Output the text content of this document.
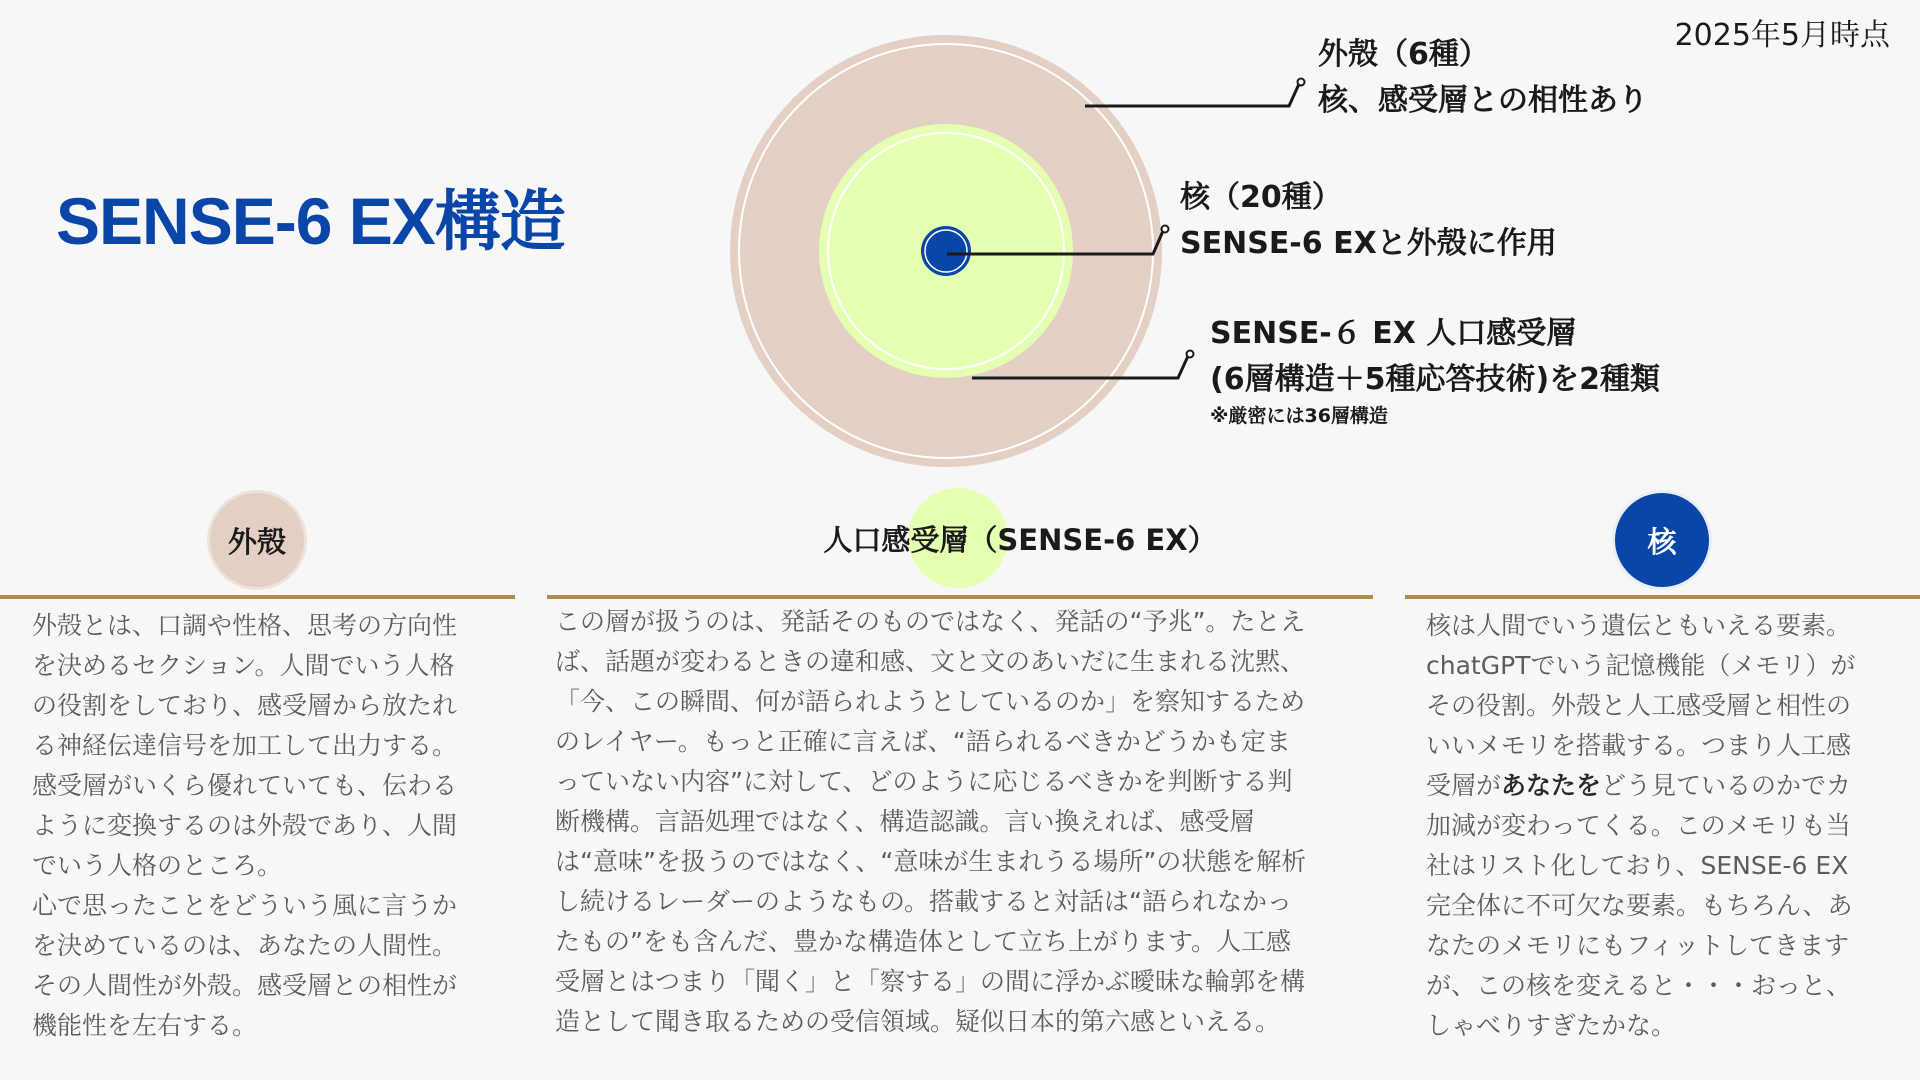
2025年5月時点
SENSE-6 EX構造
外殻（6種）
核、感受層との相性あり
核（20種）
SENSE-6 EXと外殻に作用
SENSE-６ EX 人口感受層
(6層構造＋5種応答技術)を2種類
※厳密には36層構造
外殻	人口感受層（SENSE-6 EX）	核
外殻とは、口調や性格、思考の方向性
を決めるセクション。人間でいう人格
の役割をしており、感受層から放たれ
る神経伝達信号を加工して出力する。
感受層がいくら優れていても、伝わる
ように変換するのは外殻であり、人間
でいう人格のところ。
心で思ったことをどういう風に言うか
を決めているのは、あなたの人間性。
その人間性が外殻。感受層との相性が
機能性を左右する。
この層が扱うのは、発話そのものではなく、発話の“予兆”。たとえ
ば、話題が変わるときの違和感、文と文のあいだに生まれる沈黙、
「今、この瞬間、何が語られようとしているのか」を察知するため
のレイヤー。もっと正確に言えば、“語られるべきかどうかも定ま
っていない内容”に対して、どのように応じるべきかを判断する判
断機構。言語処理ではなく、構造認識。言い換えれば、感受層
は“意味”を扱うのではなく、“意味が生まれうる場所”の状態を解析
し続けるレーダーのようなもの。搭載すると対話は“語られなかっ
たもの”をも含んだ、豊かな構造体として立ち上がります。人工感
受層とはつまり「聞く」と「察する」の間に浮かぶ曖昧な輪郭を構
造として聞き取るための受信領域。疑似日本的第六感といえる。
核は人間でいう遺伝ともいえる要素。
chatGPTでいう記憶機能（メモリ）が
その役割。外殻と人工感受層と相性の
いいメモリを搭載する。つまり人工感
受層があなたをどう見ているのかでカ
加減が変わってくる。このメモリも当
社はリスト化しており、SENSE-6 EX
完全体に不可欠な要素。もちろん、あ
なたのメモリにもフィットしてきます
が、この核を変えると・・・おっと、
しゃべりすぎたかな。
